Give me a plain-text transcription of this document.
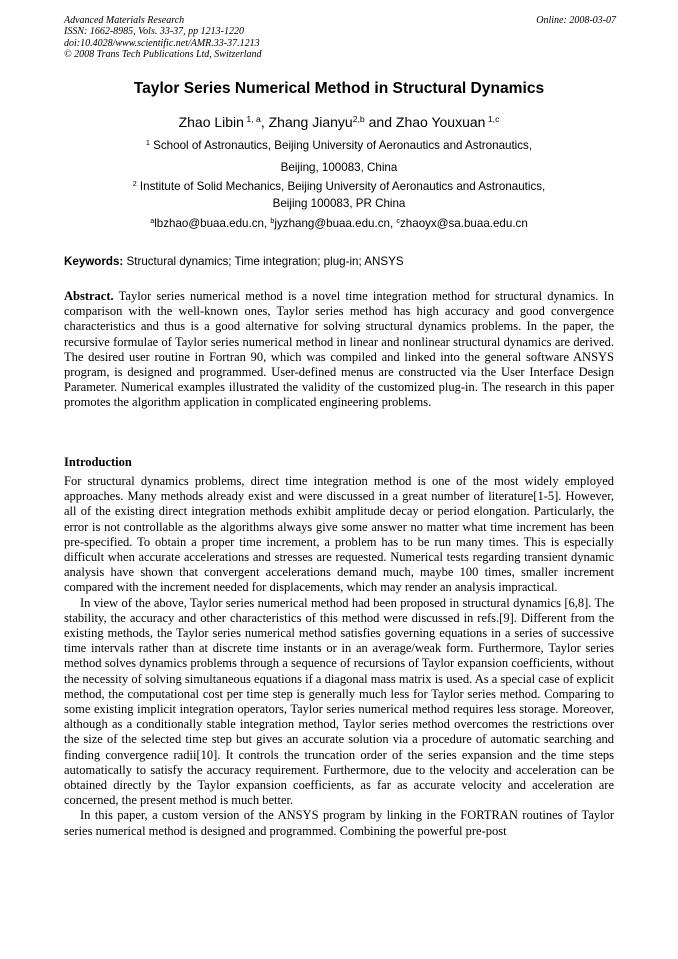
Advanced Materials Research
ISSN: 1662-8985, Vols. 33-37, pp 1213-1220
doi:10.4028/www.scientific.net/AMR.33-37.1213
© 2008 Trans Tech Publications Ltd, Switzerland
Online: 2008-03-07
Taylor Series Numerical Method in Structural Dynamics
Zhao Libin $^{1, a}$, Zhang Jianyu$^{2,b}$ and Zhao Youxuan $^{1,c}$
$^1$ School of Astronautics, Beijing University of Aeronautics and Astronautics,
Beijing, 100083, China
$^2$ Institute of Solid Mechanics, Beijing University of Aeronautics and Astronautics,
Beijing 100083, PR China
$^a$lbzhao@buaa.edu.cn, $^b$jyzhang@buaa.edu.cn, $^c$zhaoyx@sa.buaa.edu.cn
Keywords: Structural dynamics; Time integration; plug-in; ANSYS
Abstract. Taylor series numerical method is a novel time integration method for structural dynamics. In comparison with the well-known ones, Taylor series method has high accuracy and good convergence characteristics and thus is a good alternative for solving structural dynamics problems. In the paper, the recursive formulae of Taylor series numerical method in linear and nonlinear structural dynamics are derived. The desired user routine in Fortran 90, which was compiled and linked into the general software ANSYS program, is designed and programmed. User-defined menus are constructed via the User Interface Design Parameter. Numerical examples illustrated the validity of the customized plug-in. The research in this paper promotes the algorithm application in complicated engineering problems.
Introduction

For structural dynamics problems, direct time integration method is one of the most widely employed approaches. Many methods already exist and were discussed in a great number of literature[1-5]. However, all of the existing direct integration methods exhibit amplitude decay or period elongation. Particularly, the error is not controllable as the algorithms always give some answer no matter what time increment has been pre-specified. To obtain a proper time increment, a problem has to be run many times. This is especially difficult when accurate accelerations and stresses are requested. Numerical tests regarding transient dynamic analysis have shown that convergent accelerations demand much, maybe 100 times, smaller increment compared with the increment needed for displacements, which may render an analysis impractical.

In view of the above, Taylor series numerical method had been proposed in structural dynamics [6,8]. The stability, the accuracy and other characteristics of this method were discussed in refs.[9]. Different from the existing methods, the Taylor series numerical method satisfies governing equations in a series of successive time intervals rather than at discrete time instants or in an average/weak form. Furthermore, Taylor series method solves dynamics problems through a sequence of recursions of Taylor expansion coefficients, without the necessity of solving simultaneous equations if a diagonal mass matrix is used. As a special case of explicit method, the computational cost per time step is generally much less for Taylor series method. Comparing to some existing implicit integration operators, Taylor series numerical method requires less storage. Moreover, although as a conditionally stable integration method, Taylor series method overcomes the restrictions over the size of the selected time step but gives an accurate solution via a procedure of automatic searching and finding convergence radii[10]. It controls the truncation order of the series expansion and the time steps automatically to satisfy the accuracy requirement. Furthermore, due to the velocity and acceleration can be obtained directly by the Taylor expansion coefficients, as far as accurate velocity and acceleration are concerned, the present method is much better.

In this paper, a custom version of the ANSYS program by linking in the FORTRAN routines of Taylor series numerical method is designed and programmed. Combining the powerful pre-post
